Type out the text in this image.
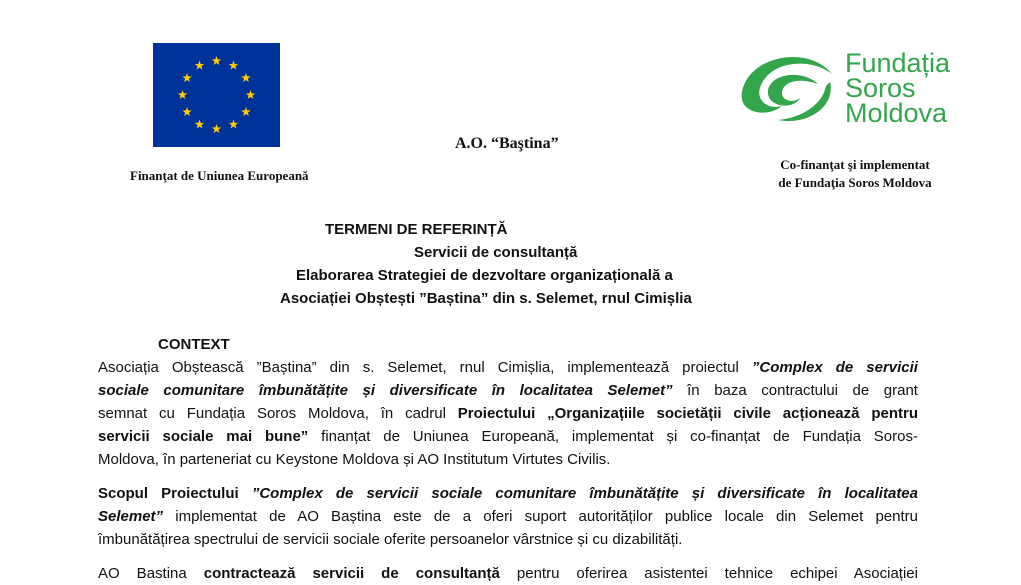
Finanţat de Uniunea Europeană
A.O. “Baştina”
Fundația
Soros
Moldova
Co-finanţat şi implementat
de Fundaţia Soros Moldova
TERMENI DE REFERINȚĂ
Servicii de consultanță
Elaborarea Strategiei de dezvoltare organizațională a
Asociației Obștești ”Baștina” din s. Selemet, rnul Cimișlia
CONTEXT
Asociația Obștească ”Baștina” din s. Selemet, rnul Cimișlia, implementează proiectul ”Complex de servicii
sociale comunitare îmbunătățite și diversificate în localitatea Selemet” în baza contractului de grant
semnat cu Fundația Soros Moldova, în cadrul Proiectului „Organizațiile societății civile acționează pentru
servicii sociale mai bune” finanțat de Uniunea Europeană, implementat și co-finanțat de Fundația Soros-
Moldova, în parteneriat cu Keystone Moldova și AO Institutum Virtutes Civilis.
Scopul Proiectului ”Complex de servicii sociale comunitare îmbunătățite și diversificate în localitatea
Selemet” implementat de AO Baștina este de a oferi suport autorităților publice locale din Selemet pentru
îmbunătățirea spectrului de servicii sociale oferite persoanelor vârstnice și cu dizabilități.
AO Bastina contractează servicii de consultanță pentru oferirea asistentei tehnice echipei Asociației
